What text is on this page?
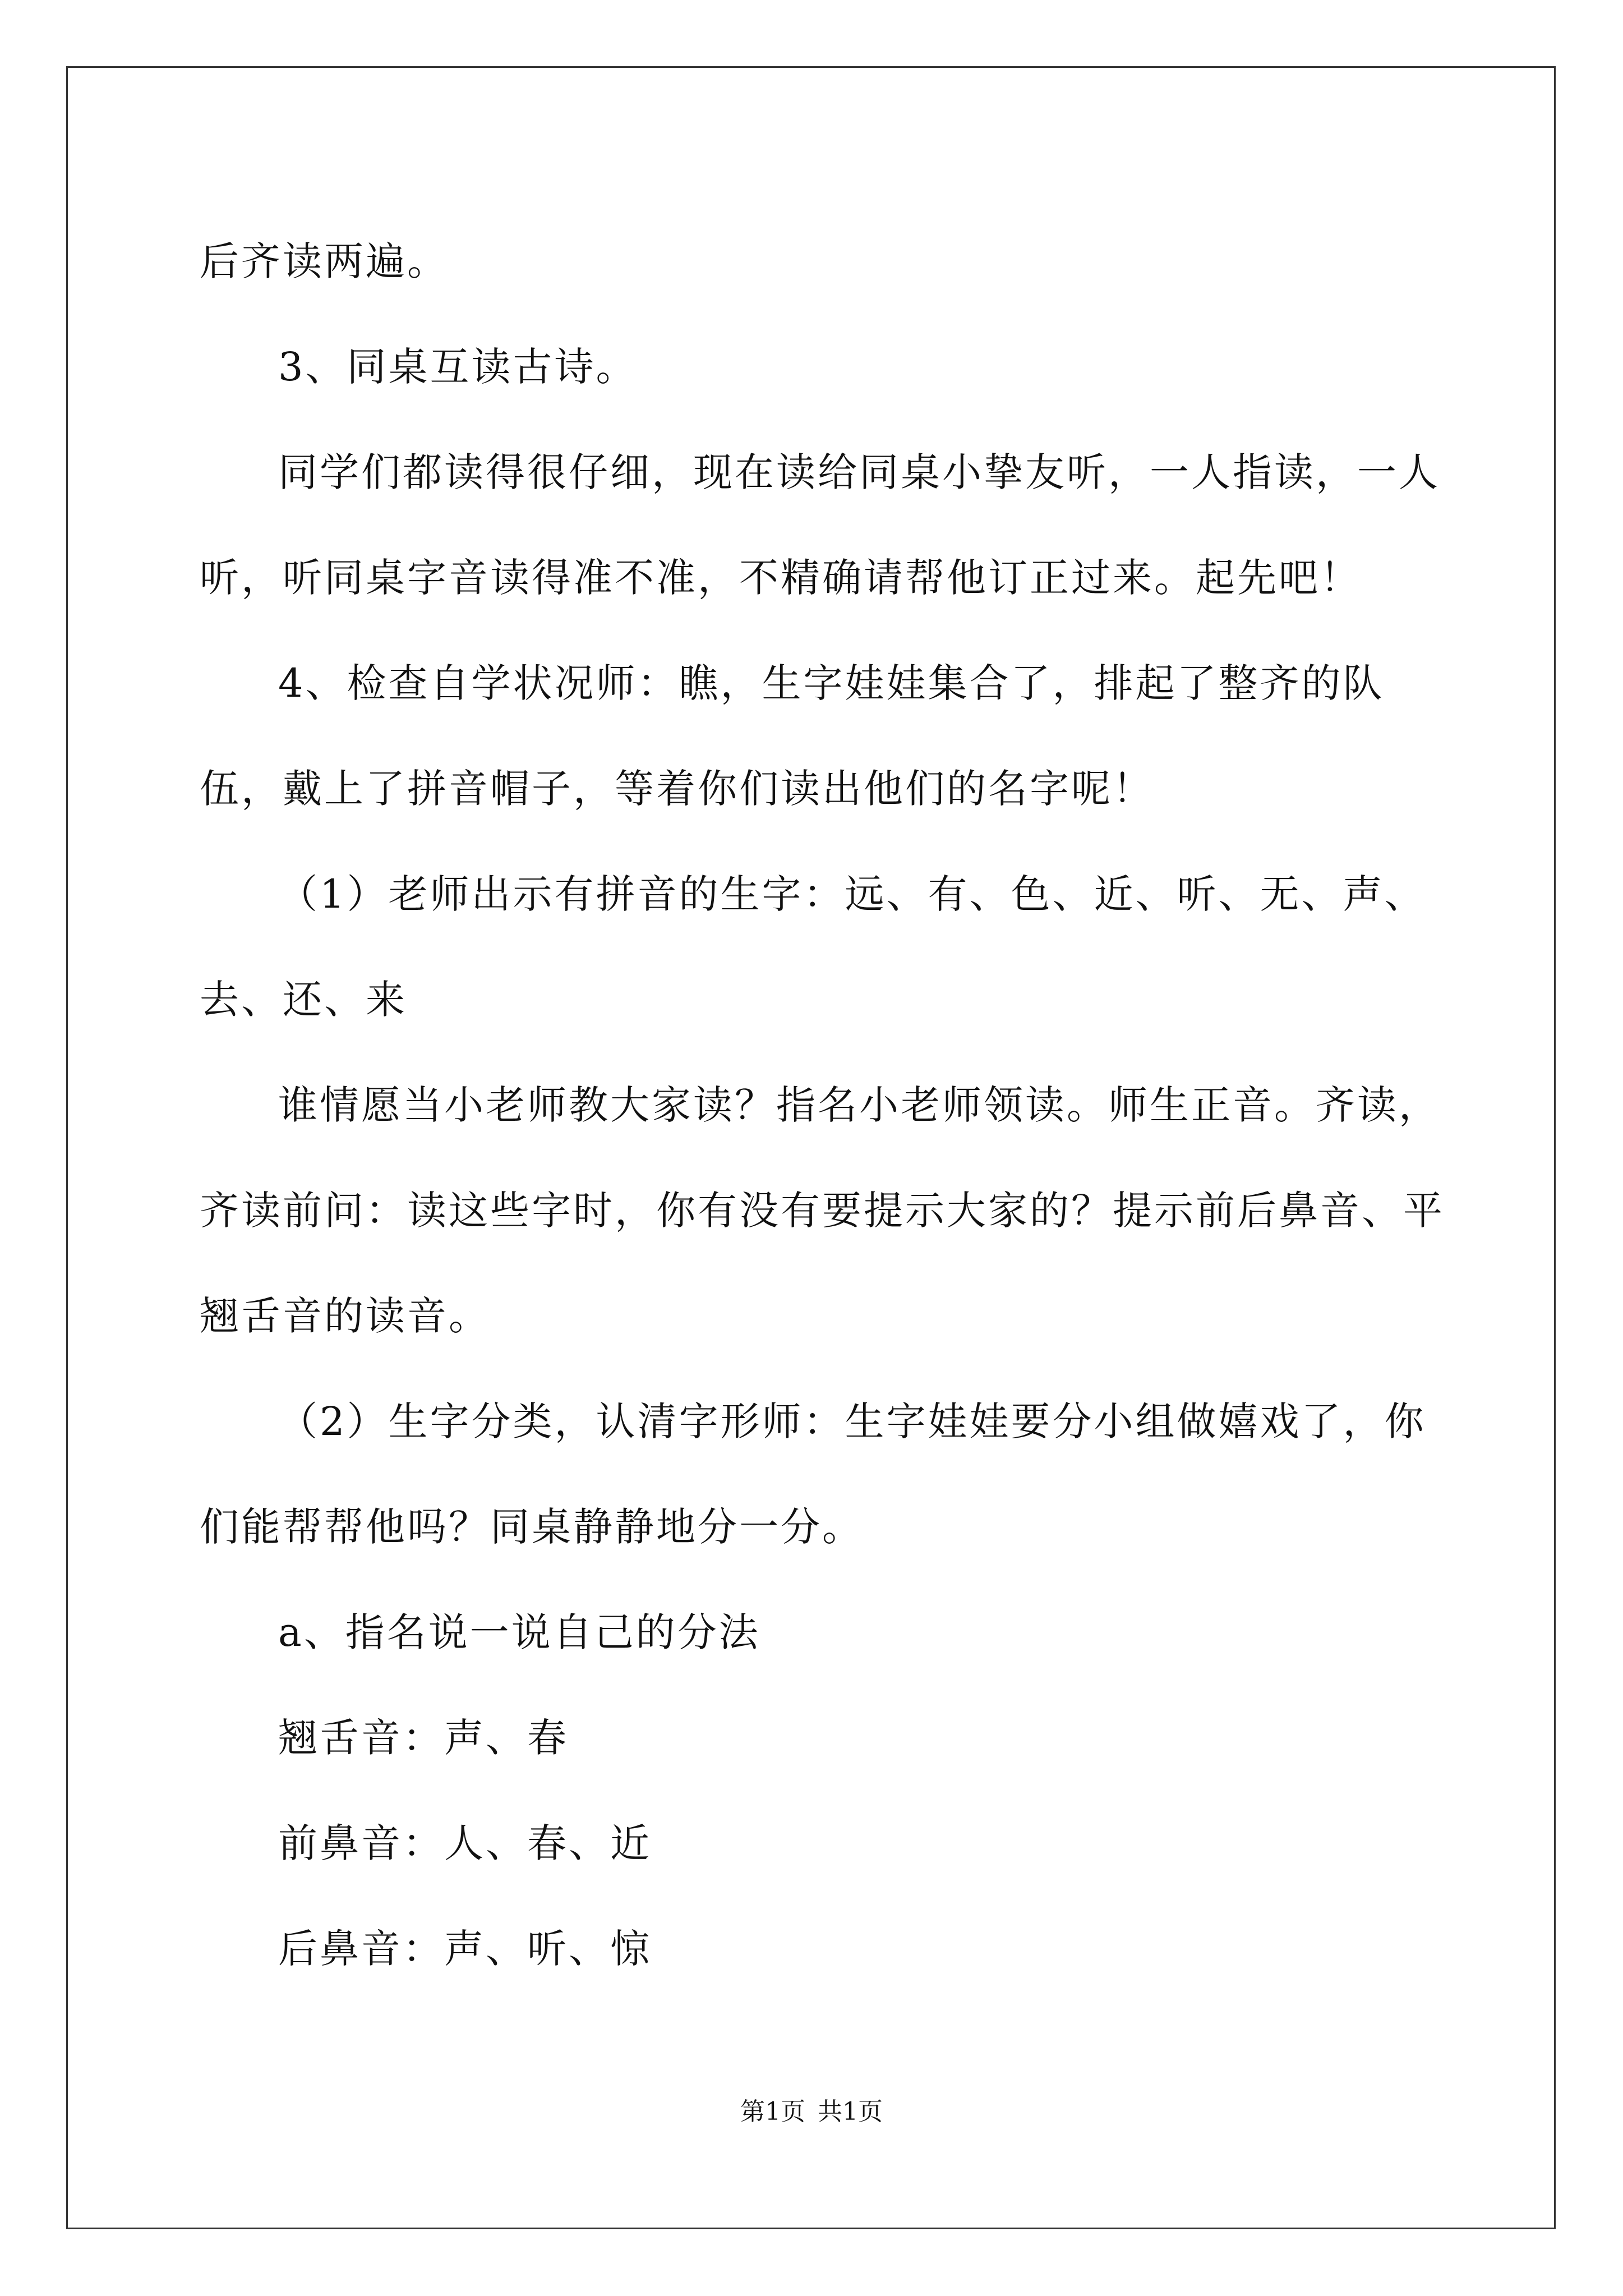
后齐读两遍。

3、同桌互读古诗。

同学们都读得很仔细，现在读给同桌小挚友听，一人指读，一人听，听同桌字音读得准不准，不精确请帮他订正过来。起先吧！

4、检查自学状况师：瞧，生字娃娃集合了，排起了整齐的队伍，戴上了拼音帽子，等着你们读出他们的名字呢！

（1）老师出示有拼音的生字：远、有、色、近、听、无、声、去、还、来

谁情愿当小老师教大家读？指名小老师领读。师生正音。齐读，齐读前问：读这些字时，你有没有要提示大家的？提示前后鼻音、平翘舌音的读音。

（2）生字分类，认清字形师：生字娃娃要分小组做嬉戏了，你们能帮帮他吗？同桌静静地分一分。

a、指名说一说自己的分法

翘舌音：声、春

前鼻音：人、春、近

后鼻音：声、听、惊

第1页 共1页
